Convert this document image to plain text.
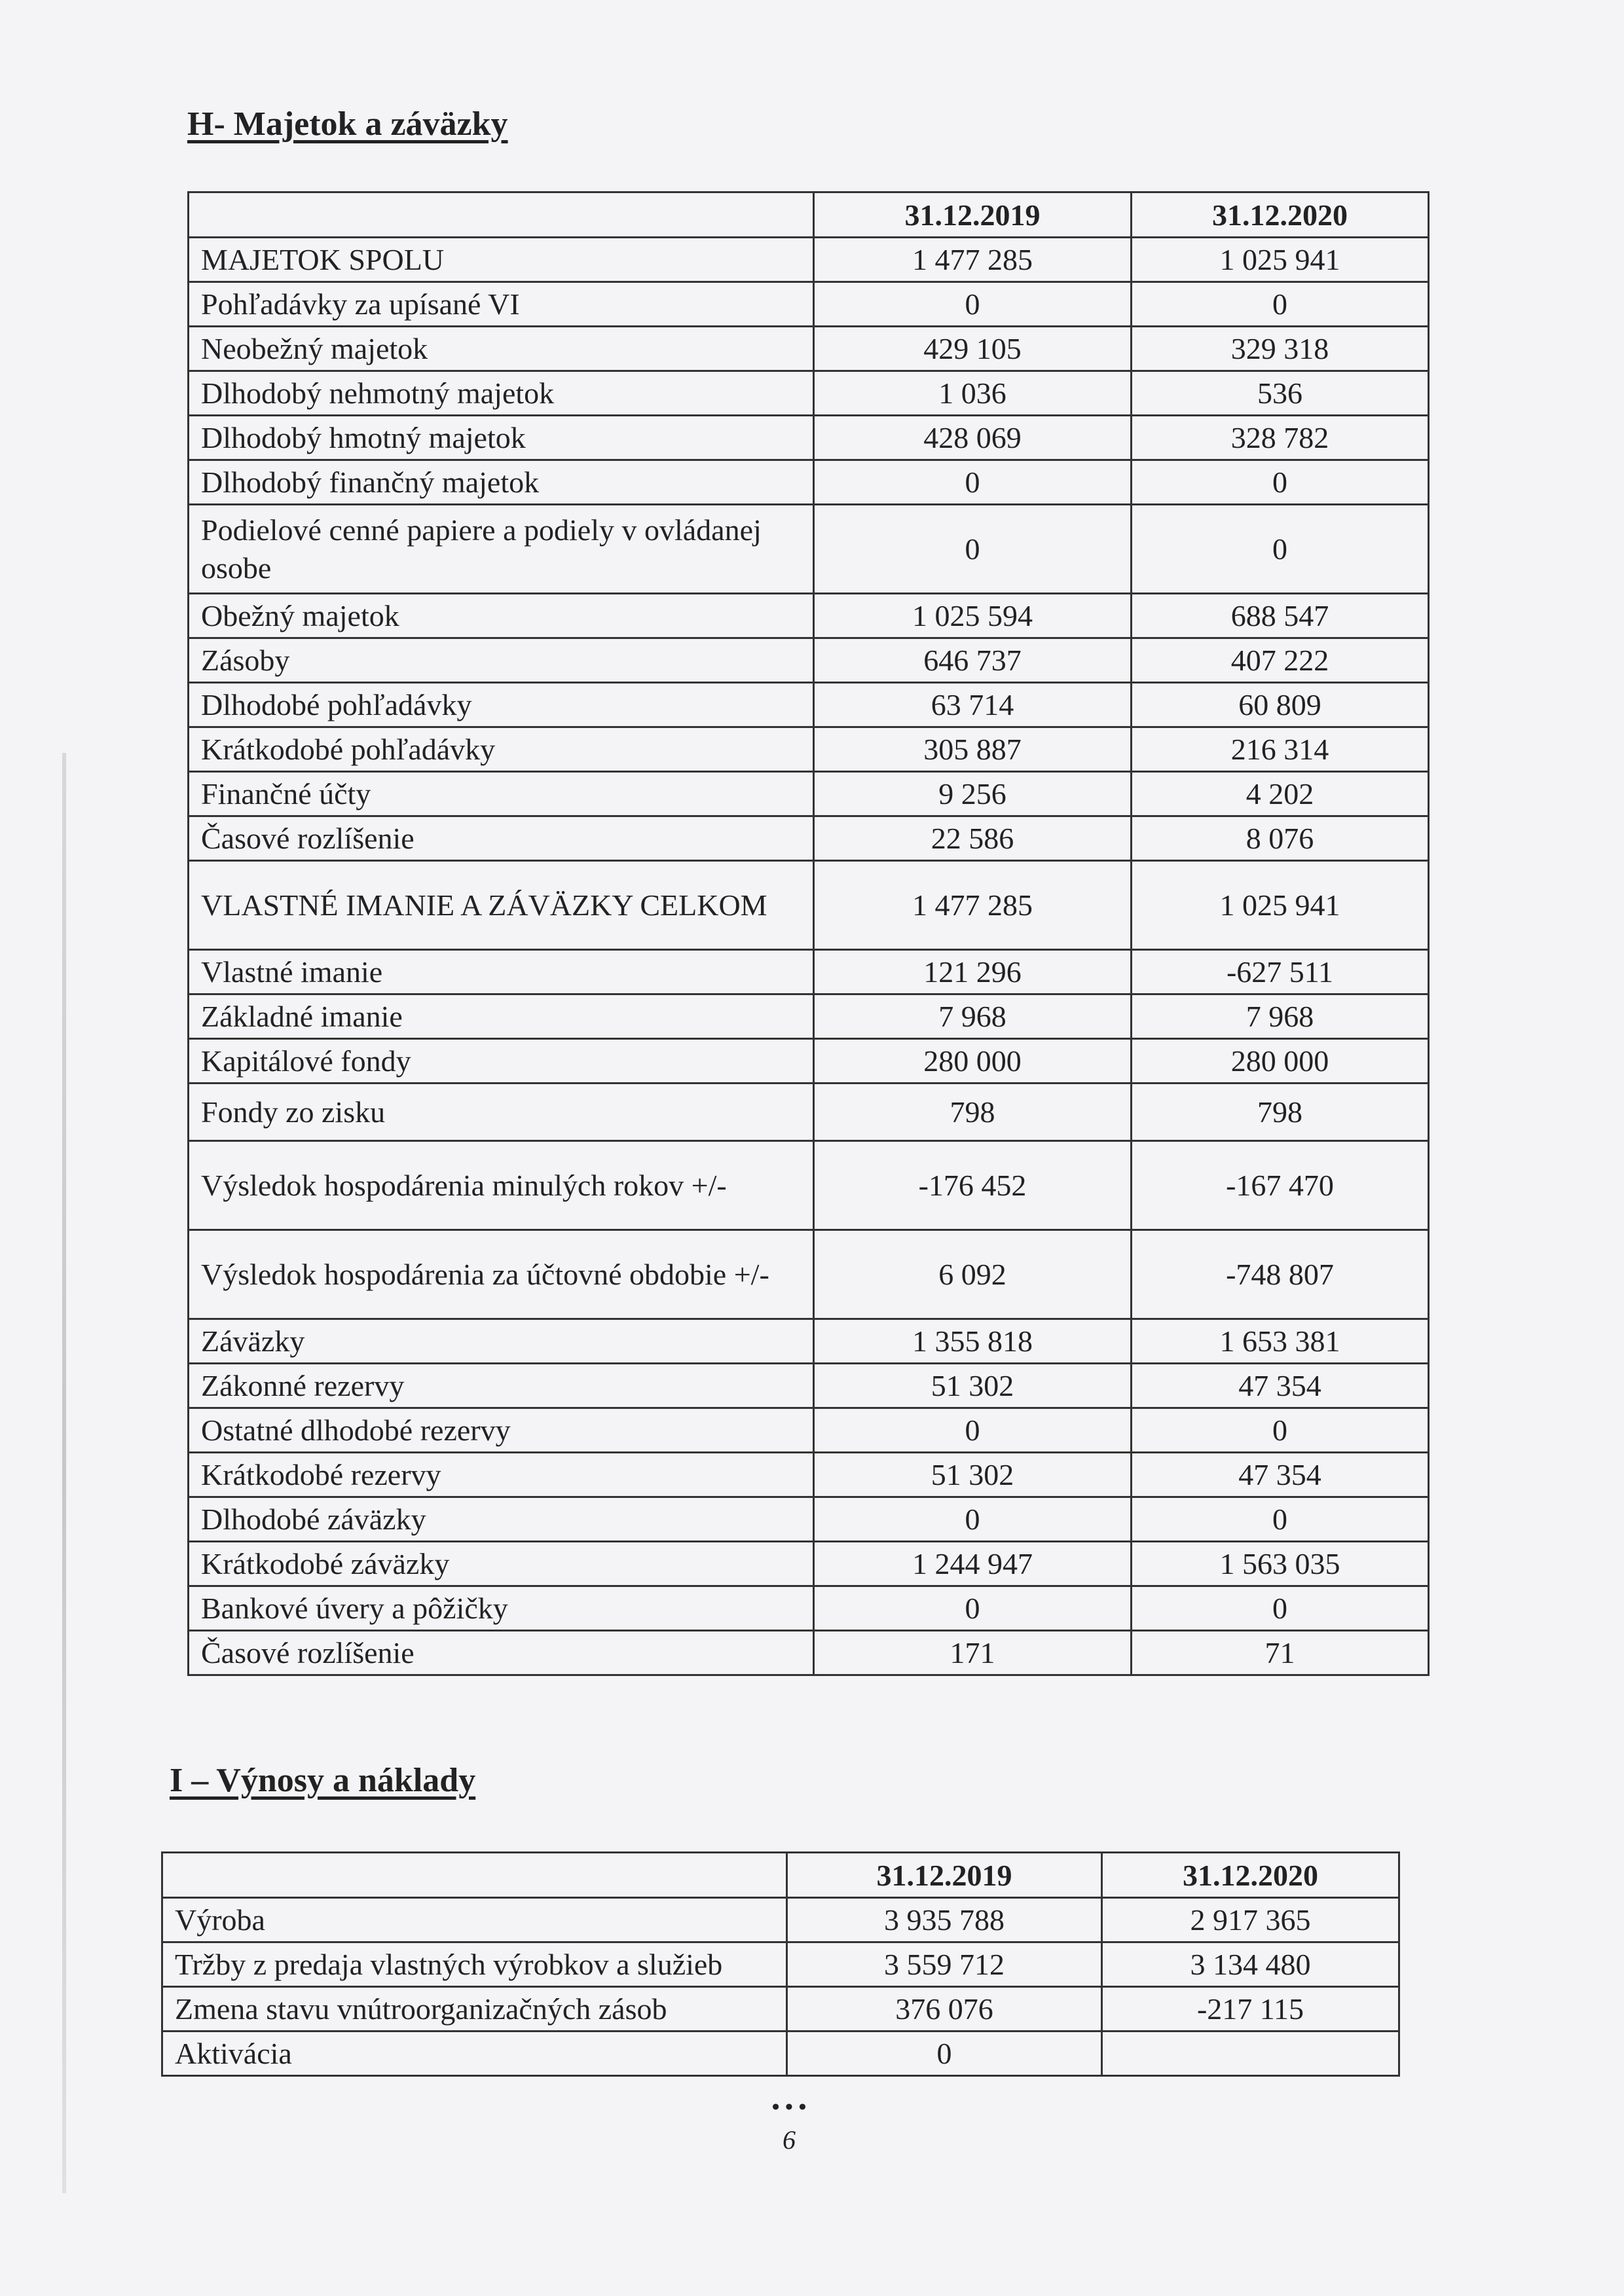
H- Majetok a záväzky
	31.12.2019	31.12.2020
MAJETOK SPOLU	1 477 285	1 025 941
Pohľadávky za upísané VI	0	0
Neobežný majetok	429 105	329 318
Dlhodobý nehmotný majetok	1 036	536
Dlhodobý hmotný majetok	428 069	328 782
Dlhodobý finančný majetok	0	0
Podielové cenné papiere a podiely v ovládanej osobe	0	0
Obežný majetok	1 025 594	688 547
Zásoby	646 737	407 222
Dlhodobé pohľadávky	63 714	60 809
Krátkodobé pohľadávky	305 887	216 314
Finančné účty	9 256	4 202
Časové rozlíšenie	22 586	8 076
VLASTNÉ IMANIE A ZÁVÄZKY CELKOM	1 477 285	1 025 941
Vlastné imanie	121 296	-627 511
Základné imanie	7 968	7 968
Kapitálové fondy	280 000	280 000
Fondy zo zisku	798	798
Výsledok hospodárenia minulých rokov +/-	-176 452	-167 470
Výsledok hospodárenia za účtovné obdobie +/-	6 092	-748 807
Záväzky	1 355 818	1 653 381
Zákonné rezervy	51 302	47 354
Ostatné dlhodobé rezervy	0	0
Krátkodobé rezervy	51 302	47 354
Dlhodobé záväzky	0	0
Krátkodobé záväzky	1 244 947	1 563 035
Bankové úvery a pôžičky	0	0
Časové rozlíšenie	171	71
I – Výnosy a náklady
	31.12.2019	31.12.2020
Výroba	3 935 788	2 917 365
Tržby z predaja vlastných výrobkov a služieb	3 559 712	3 134 480
Zmena stavu vnútroorganizačných zásob	376 076	-217 115
Aktivácia	0	
• • •
6
